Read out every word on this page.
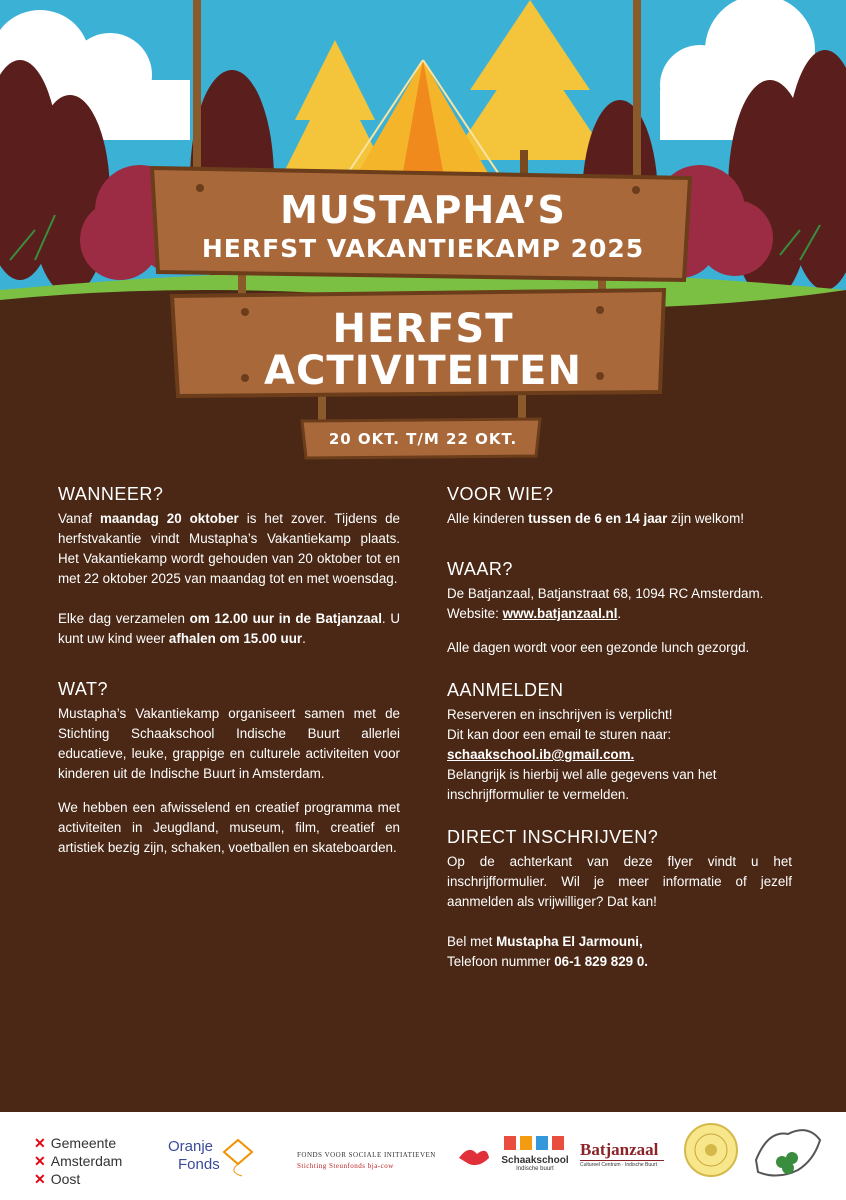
MUSTAPHA’S
HERFST VAKANTIEKAMP 2025
HERFST
ACTIVITEITEN
20 OKT. T/M 22 OKT.
WANNEER?

Vanaf maandag 20 oktober is het zover. Tijdens de herfstvakantie vindt Mustapha’s Vakantiekamp plaats. Het Vakantiekamp wordt gehouden van 20 oktober tot en met 22 oktober 2025 van maandag tot en met woensdag.

Elke dag verzamelen om 12.00 uur in de Batjanzaal. U kunt uw kind weer afhalen om 15.00 uur.

WAT?

Mustapha’s Vakantiekamp organiseert samen met de Stichting Schaakschool Indische Buurt allerlei educatieve, leuke, grappige en culturele activiteiten voor kinderen uit de Indische Buurt in Amsterdam.

We hebben een afwisselend en creatief programma met activiteiten in Jeugdland, museum, film, creatief en artistiek bezig zijn, schaken, voetballen en skateboarden.

VOOR WIE?

Alle kinderen tussen de 6 en 14 jaar zijn welkom!

WAAR?

De Batjanzaal, Batjanstraat 68, 1094 RC Amsterdam.
Website: www.batjanzaal.nl.

Alle dagen wordt voor een gezonde lunch gezorgd.

AANMELDEN

Reserveren en inschrijven is verplicht!
Dit kan door een email te sturen naar:
schaakschool.ib@gmail.com.
Belangrijk is hierbij wel alle gegevens van het inschrijfformulier te vermelden.

DIRECT INSCHRIJVEN?

Op de achterkant van deze flyer vindt u het inschrijfformulier. Wil je meer informatie of jezelf aanmelden als vrijwilliger? Dat kan!

Bel met Mustapha El Jarmouni,
Telefoon nummer 06-1 829 829 0.

✕ Gemeente
✕ Amsterdam
✕ Oost
Oranje
Fonds
FONDS VOOR SOCIALE INITIATIEVEN
Stichting Steunfonds bja-cow	Schaakschool
Indische buurt
Batjanzaal
Cultureel Centrum · Indische Buurt
